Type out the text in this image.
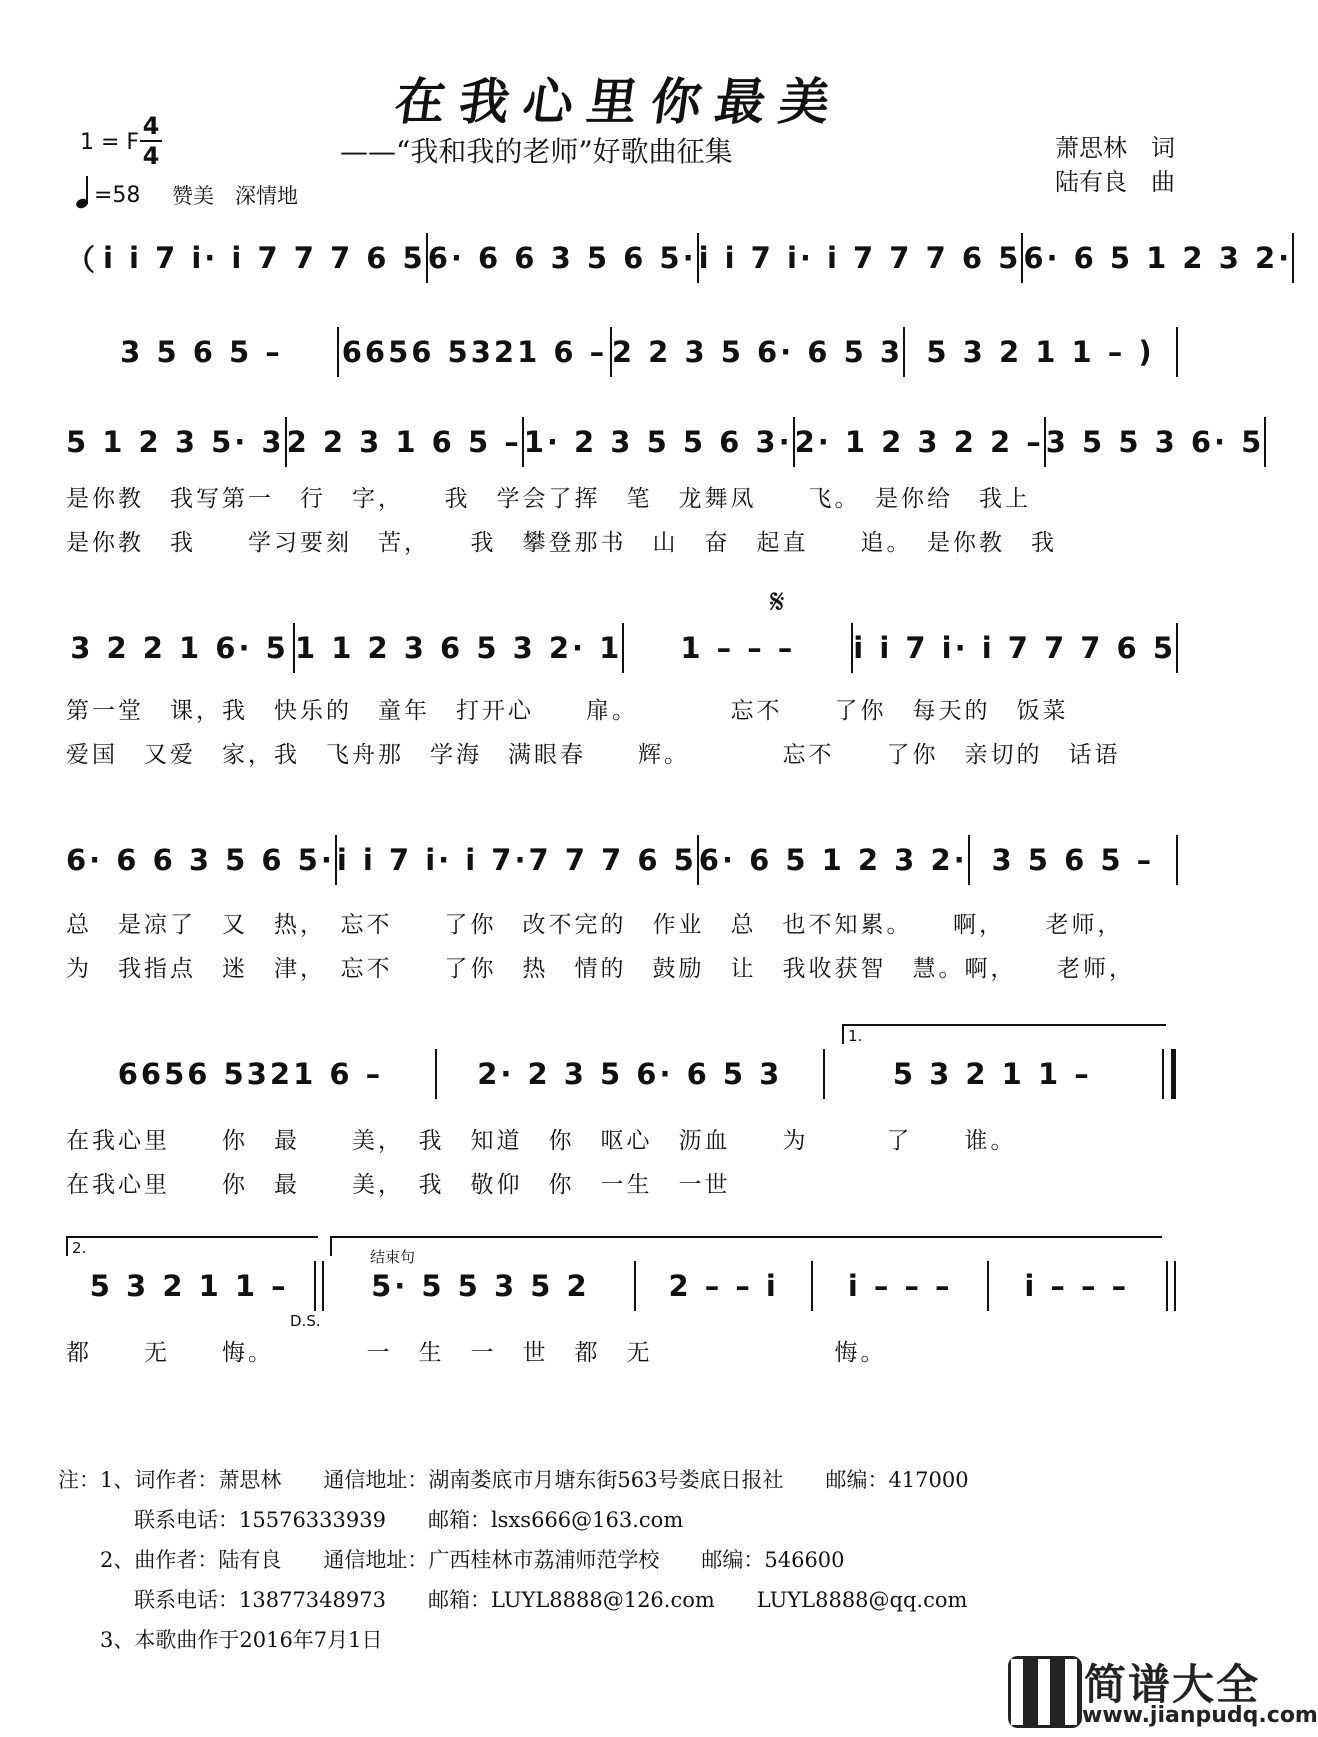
在我心里你最美
——“我和我的老师”好歌曲征集	萧思林　词
陆有良　曲
1 = F
4
4
=58 赞美　深情地
（ i i 7 i· i 7 7 7 6 5 6· 6 6 3 5 6 5· i i 7 i· i 7 7 7 6 5 6· 6 5 1 2 3 2·
3 5 6 5 –	6656 5321 6 – 2 2 3 5 6· 6 5 3 5 3 2 1 1 – )
5 1 2 3 5· 3 2 2 3 1 6 5 – 1· 2 3 5 5 6 3· 2· 1 2 3 2 2 – 3 5 5 3 6· 5
是你教　我写第一　行　字，　　我　学会了挥　笔　龙舞凤　　飞。　是你给　我上
是你教　我　　学习要刻　苦，　　我　攀登那书　山　奋　起直　　追。　是你教　我
𝄋
3 2 2 1 6· 5 1 1 2 3 6 5 3 2· 1	1 – – –	i i 7 i· i 7 7 7 6 5
第一堂　课，我　快乐的　童年　打开心　　扉。　　　　忘不　　了你　每天的　饭菜
爱国　又爱　家，我　飞舟那　学海　满眼春　　辉。　　　　忘不　　了你　亲切的　话语
6· 6 6 3 5 6 5· i i 7 i· i 7·7 7 7 6 5 6· 6 5 1 2 3 2· 3 5 6 5 –
总　是凉了　又　热，　忘不　　了你　改不完的　作业　总　也不知累。　　啊，　　老师，
为　我指点　迷　津，　忘不　　了你　热　情的　鼓励　让　我收获智　慧。啊，　　老师，
1.
6656 5321 6 –	2· 2 3 5 6· 6 5 3	5 3 2 1 1 –
在我心里　　你　最　　美，　我　知道　你　呕心　沥血　　为　　　了　　谁。
在我心里　　你　最　　美，　我　敬仰　你　一生　一世
2.	结束句
5 3 2 1 1 –	5· 5 5 3 5 2	2 – – i	i – – –	i – – –
D.S.
都　　无　　悔。　　　　一　生　一　世　都　无　　　　　　　悔。
注：1、词作者：萧思林　　通信地址：湖南娄底市月塘东街563号娄底日报社　　邮编：417000
联系电话：15576333939　　邮箱：lsxs666@163.com
2、曲作者：陆有良　　通信地址：广西桂林市荔浦师范学校　　邮编：546600
联系电话：13877348973　　邮箱：LUYL8888@126.com　　LUYL8888@qq.com
3、本歌曲作于2016年7月1日
简谱大全
www.jianpudq.com
